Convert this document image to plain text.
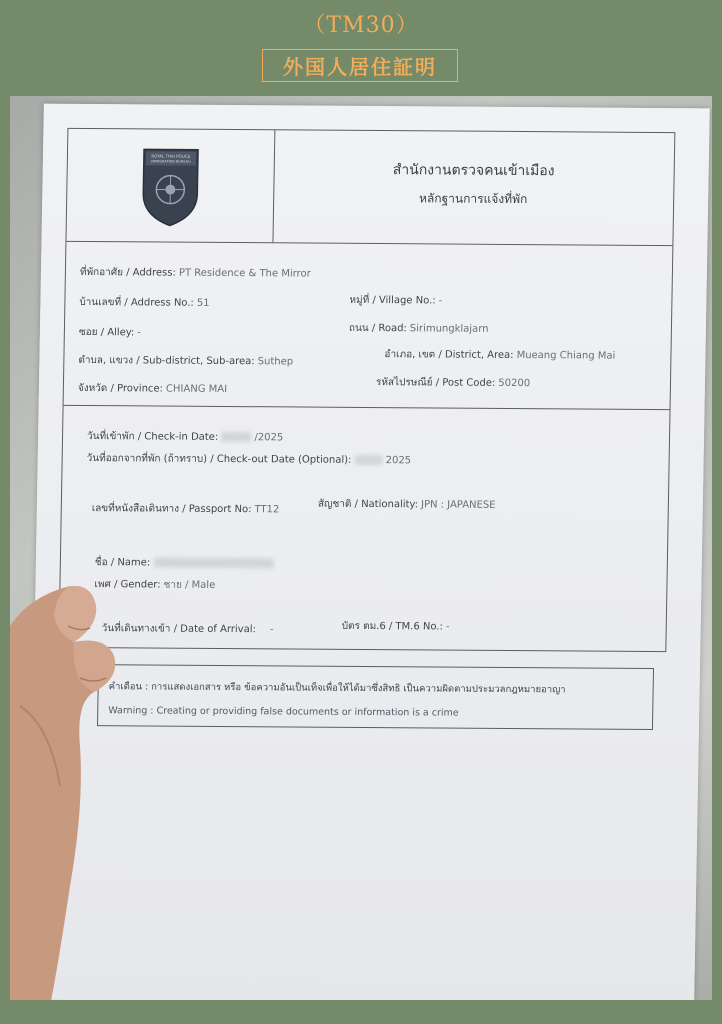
（TM30）
外国人居住証明
ROYAL THAI POLICE
IMMIGRATION BUREAU
สำนักงานตรวจคนเข้าเมือง
หลักฐานการแจ้งที่พัก
ที่พักอาศัย / Address: PT Residence & The Mirror
บ้านเลขที่ / Address No.: 51	หมู่ที่ / Village No.: -
ซอย / Alley: -	ถนน / Road: Sirimungklajarn
ตำบล, แขวง / Sub-district, Sub-area: Suthep
อำเภอ, เขต / District, Area: Mueang Chiang Mai
จังหวัด / Province: CHIANG MAI
รหัสไปรษณีย์ / Post Code: 50200
วันที่เข้าพัก / Check-in Date:	/2025
วันที่ออกจากที่พัก (ถ้าทราบ) / Check-out Date (Optional):	2025
เลขที่หนังสือเดินทาง / Passport No: TT12	สัญชาติ / Nationality: JPN : JAPANESE
ชื่อ / Name:
เพศ / Gender: ชาย / Male
วันที่เดินทางเข้า / Date of Arrival: -	บัตร ตม.6 / TM.6 No.: -
คำเตือน : การแสดงเอกสาร หรือ ข้อความอันเป็นเท็จเพื่อให้ได้มาซึ่งสิทธิ เป็นความผิดตามประมวลกฎหมายอาญา
Warning : Creating or providing false documents or information is a crime
